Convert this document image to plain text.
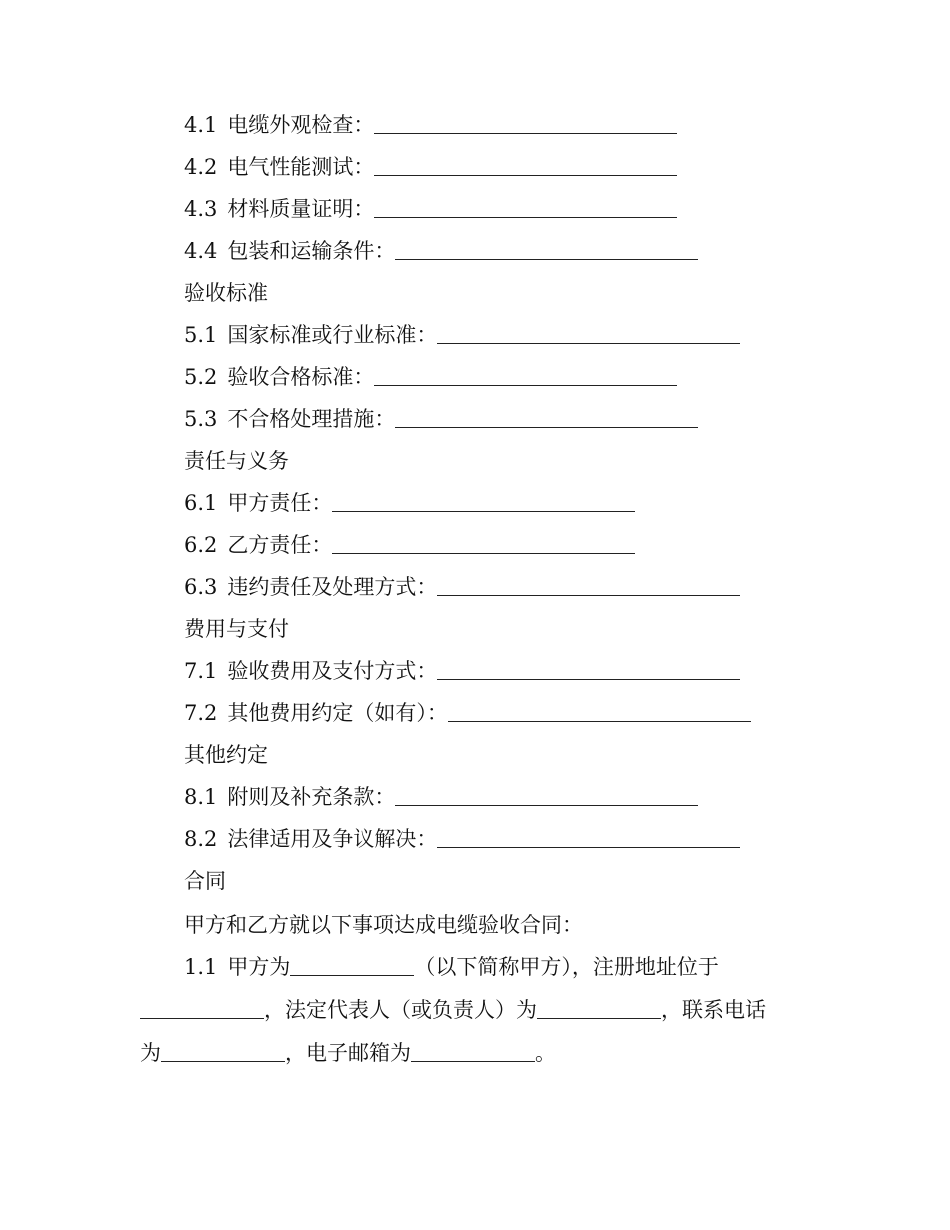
4.1 电缆外观检查：
4.2 电气性能测试：
4.3 材料质量证明：
4.4 包装和运输条件：
验收标准
5.1 国家标准或行业标准：
5.2 验收合格标准：
5.3 不合格处理措施：
责任与义务
6.1 甲方责任：
6.2 乙方责任：
6.3 违约责任及处理方式：
费用与支付
7.1 验收费用及支付方式：
7.2 其他费用约定（如有）：
其他约定
8.1 附则及补充条款：
8.2 法律适用及争议解决：
合同
甲方和乙方就以下事项达成电缆验收合同：
1.1 甲方为	（以下简称甲方），注册地址位于
，法定代表人（或负责人）为	，联系电话
为	，电子邮箱为	。
